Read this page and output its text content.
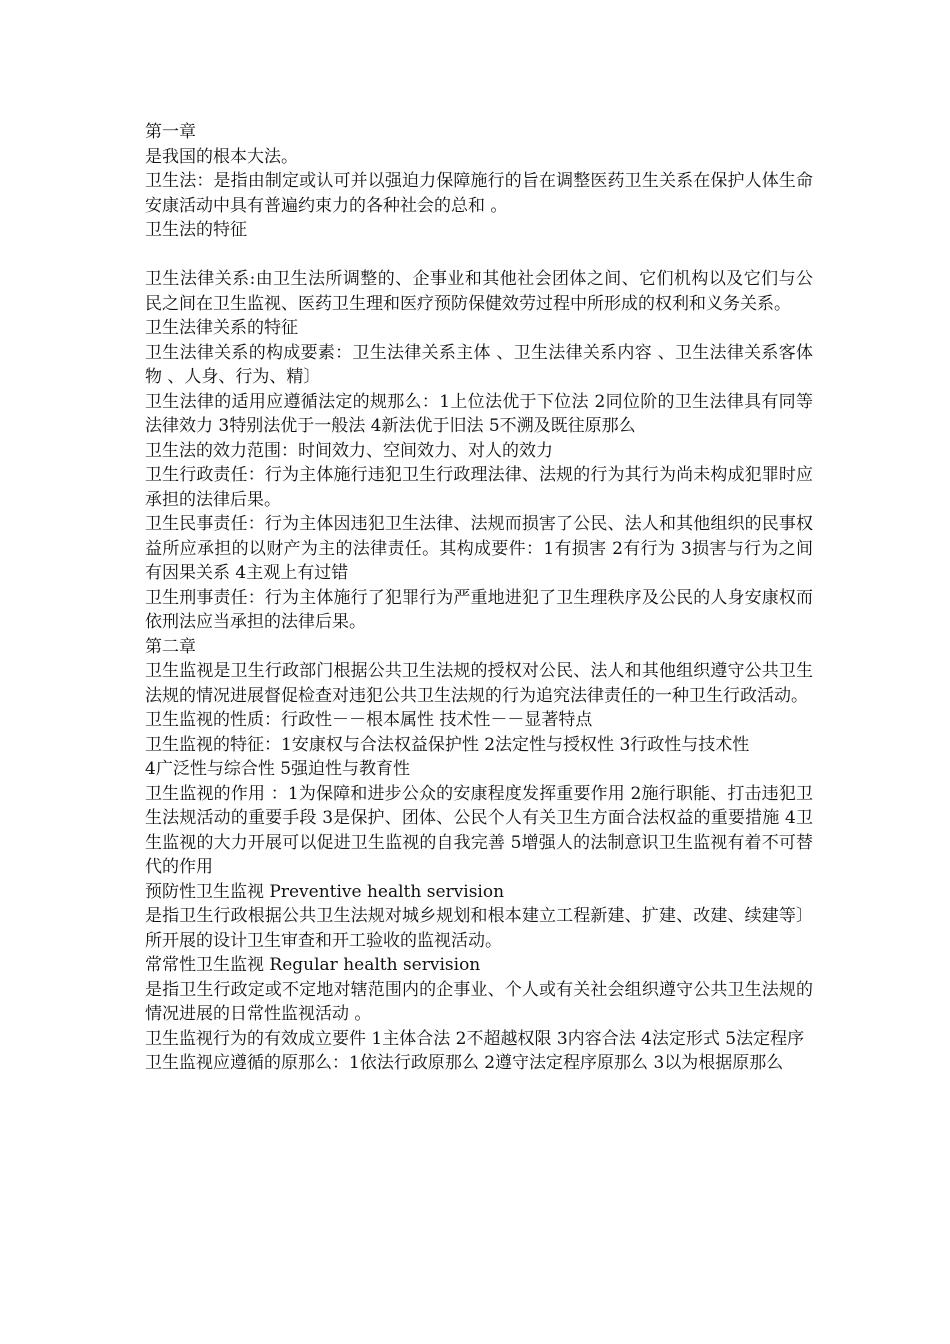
第一章

是我国的根本大法。

卫生法：是指由制定或认可并以强迫力保障施行的旨在调整医药卫生关系在保护人体生命安康活动中具有普遍约束力的各种社会的总和 。

卫生法的特征

卫生法律关系:由卫生法所调整的、企事业和其他社会团体之间、它们机构以及它们与公民之间在卫生监视、医药卫生理和医疗预防保健效劳过程中所形成的权利和义务关系。

卫生法律关系的特征

卫生法律关系的构成要素：卫生法律关系主体 、卫生法律关系内容 、卫生法律关系客体物 、人身、行为、精〕

卫生法律的适用应遵循法定的规那么：1上位法优于下位法 2同位阶的卫生法律具有同等法律效力 3特别法优于一般法 4新法优于旧法 5不溯及既往原那么

卫生法的效力范围：时间效力、空间效力、对人的效力

卫生行政责任：行为主体施行违犯卫生行政理法律、法规的行为其行为尚未构成犯罪时应承担的法律后果。

卫生民事责任：行为主体因违犯卫生法律、法规而损害了公民、法人和其他组织的民事权益所应承担的以财产为主的法律责任。其构成要件：1有损害 2有行为 3损害与行为之间有因果关系 4主观上有过错

卫生刑事责任：行为主体施行了犯罪行为严重地进犯了卫生理秩序及公民的人身安康权而依刑法应当承担的法律后果。

第二章

卫生监视是卫生行政部门根据公共卫生法规的授权对公民、法人和其他组织遵守公共卫生法规的情况进展督促检查对违犯公共卫生法规的行为追究法律责任的一种卫生行政活动。

卫生监视的性质：行政性－－根本属性 技术性－－显著特点

卫生监视的特征：1安康权与合法权益保护性 2法定性与授权性 3行政性与技术性

4广泛性与综合性 5强迫性与教育性

卫生监视的作用 ：1为保障和进步公众的安康程度发挥重要作用 2施行职能、打击违犯卫生法规活动的重要手段 3是保护、团体、公民个人有关卫生方面合法权益的重要措施 4卫生监视的大力开展可以促进卫生监视的自我完善 5增强人的法制意识卫生监视有着不可替代的作用

预防性卫生监视 Preventive health servision

是指卫生行政根据公共卫生法规对城乡规划和根本建立工程新建、扩建、改建、续建等〕所开展的设计卫生审查和开工验收的监视活动。

常常性卫生监视 Regular health servision

是指卫生行政定或不定地对辖范围内的企事业、个人或有关社会组织遵守公共卫生法规的情况进展的日常性监视活动 。

卫生监视行为的有效成立要件 1主体合法 2不超越权限 3内容合法 4法定形式 5法定程序

卫生监视应遵循的原那么：1依法行政原那么 2遵守法定程序原那么 3以为根据原那么
